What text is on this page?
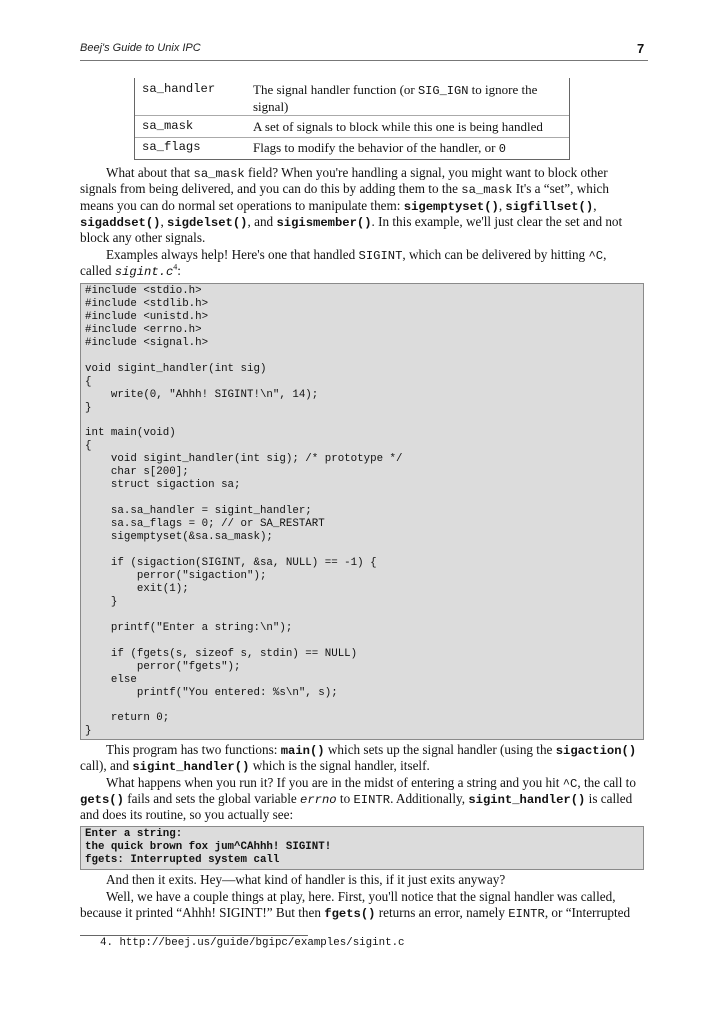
Beej's Guide to Unix IPC	7
sa_handler	The signal handler function (or SIG_IGN to ignore the
signal)
sa_mask	A set of signals to block while this one is being handled
sa_flags	Flags to modify the behavior of the handler, or 0
What about that sa_mask field? When you're handling a signal, you might want to block other
signals from being delivered, and you can do this by adding them to the sa_mask It's a “set”, which
means you can do normal set operations to manipulate them: sigemptyset(), sigfillset(),
sigaddset(), sigdelset(), and sigismember(). In this example, we'll just clear the set and not
block any other signals.
Examples always help! Here's one that handled SIGINT, which can be delivered by hitting ^C,
called $sigint.c^4$:
#include <stdio.h>
#include <stdlib.h>
#include <unistd.h>
#include <errno.h>
#include <signal.h>

void sigint_handler(int sig)
{
write(0, "Ahhh! SIGINT!\n", 14);
}

int main(void)
{
void sigint_handler(int sig); /* prototype */
char s[200];
struct sigaction sa;

sa.sa_handler = sigint_handler;
sa.sa_flags = 0; // or SA_RESTART
sigemptyset(&sa.sa_mask);

if (sigaction(SIGINT, &sa, NULL) == -1) {
perror("sigaction");
exit(1);
}

printf("Enter a string:\n");

if (fgets(s, sizeof s, stdin) == NULL)
perror("fgets");
else
printf("You entered: %s\n", s);

return 0;
}
This program has two functions: main() which sets up the signal handler (using the sigaction()
call), and sigint_handler() which is the signal handler, itself.
What happens when you run it? If you are in the midst of entering a string and you hit ^C, the call to
gets() fails and sets the global variable errno to EINTR. Additionally, sigint_handler() is called
and does its routine, so you actually see:
Enter a string:
the quick brown fox jum^CAhhh! SIGINT!
fgets: Interrupted system call
And then it exits. Hey—what kind of handler is this, if it just exits anyway?
Well, we have a couple things at play, here. First, you'll notice that the signal handler was called,
because it printed “Ahhh! SIGINT!” But then fgets() returns an error, namely EINTR, or “Interrupted
4. http://beej.us/guide/bgipc/examples/sigint.c
